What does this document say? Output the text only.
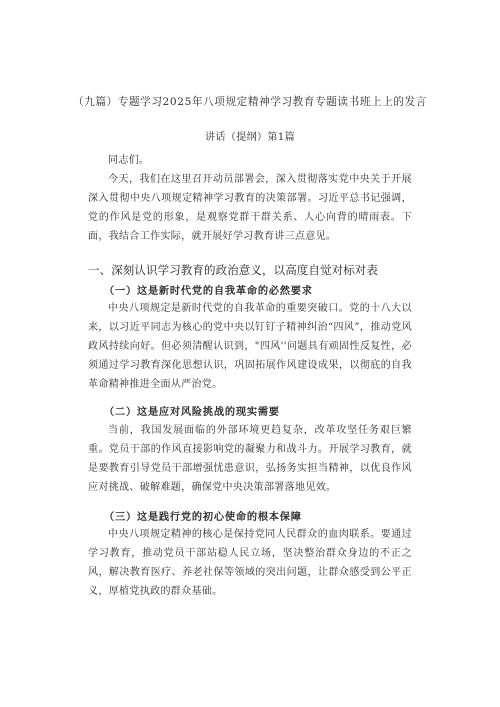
（九篇）专题学习2025年八项规定精神学习教育专题读书班上上的发言
讲话（提纲）第1篇

同志们。

今天，我们在这里召开动员部署会，深入贯彻落实党中央关于开展深入贯彻中央八项规定精神学习教育的决策部署。习近平总书记强调，党的作风是党的形象，是观察党群干群关系、人心向背的晴雨表。下面，我结合工作实际，就开展好学习教育讲三点意见。

一、深刻认识学习教育的政治意义，以高度自觉对标对表
（一）这是新时代党的自我革命的必然要求

中央八项规定是新时代党的自我革命的重要突破口。党的十八大以来，以习近平同志为核心的党中央以钉钉子精神纠治“四风”，推动党风政风持续向好。但必须清醒认识到，"四风''问题具有顽固性反复性，必须通过学习教育深化思想认识，巩固拓展作风建设成果，以彻底的自我革命精神推进全面从严治党。

（二）这是应对风险挑战的现实需要

当前，我国发展面临的外部环境更趋复杂，改革攻坚任务艰巨繁重。党员干部的作风直接影响党的凝聚力和战斗力。开展学习教育，就是要教育引导党员干部增强忧患意识，弘扬务实担当精神，以优良作风应对挑战、破解难题，确保党中央决策部署落地见效。

（三）这是践行党的初心使命的根本保障

中央八项规定精神的核心是保持党同人民群众的血肉联系。要通过学习教育，推动党员干部站稳人民立场，坚决整治群众身边的不正之风，解决教育医疗、养老社保等领域的突出问题，让群众感受到公平正义，厚植党执政的群众基础。
